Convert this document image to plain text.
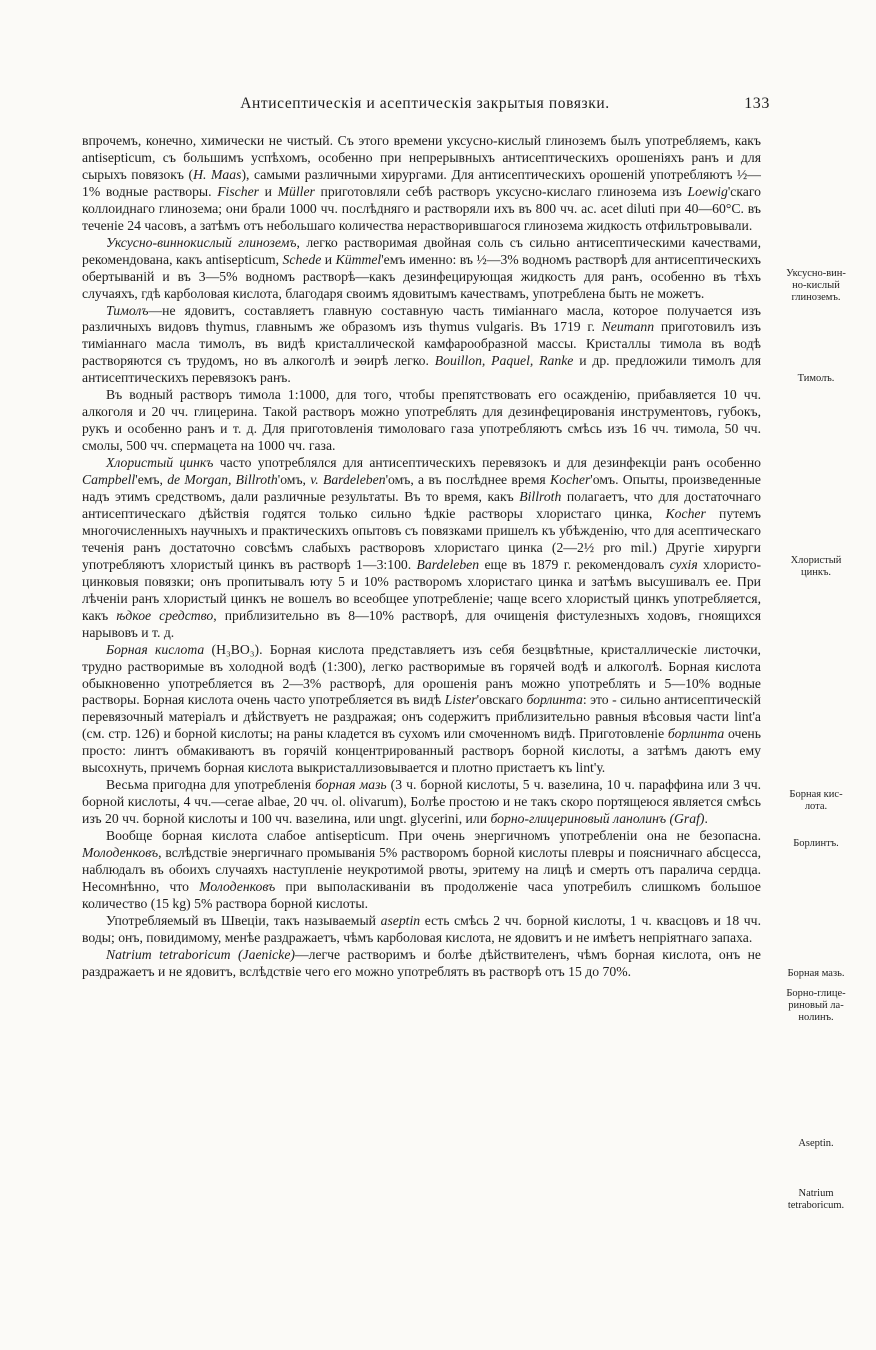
Антисептическія и асептическія закрытыя повязки.	133

впрочемъ, конечно, химически не чистый. Съ этого времени уксусно-кислый глиноземъ былъ употребляемъ, какъ antisepticum, съ большимъ успѣхомъ, особенно при непрерывныхъ антисептическихъ орошеніяхъ ранъ и для сырыхъ повязокъ (H. Maas), самыми различными хирургами. Для антисептическихъ орошеній употребляютъ ½—1% водные растворы. Fischer и Müller приготовляли себѣ растворъ уксусно-кислаго глинозема изъ Loewig'скаго коллоиднаго глинозема; они брали 1000 чч. послѣдняго и растворяли ихъ въ 800 чч. ac. acet diluti при 40—60°C. въ теченіе 24 часовъ, а затѣмъ отъ небольшаго количества нерастворившагося глинозема жидкость отфильтровывали.

Уксусно-виннокислый глиноземъ, легко растворимая двойная соль съ сильно антисептическими качествами, рекомендована, какъ antisepticum, Schede и Kümmel'емъ именно: въ ½—3% водномъ растворѣ для антисептическихъ обертываній и въ 3—5% водномъ растворѣ—какъ дезинфецирующая жидкость для ранъ, особенно въ тѣхъ случаяхъ, гдѣ карболовая кислота, благодаря своимъ ядовитымъ качествамъ, употреблена быть не можетъ.

Тимолъ—не ядовитъ, составляетъ главную составную часть тиміаннаго масла, которое получается изъ различныхъ видовъ thymus, главнымъ же образомъ изъ thymus vulgaris. Въ 1719 г. Neumann приготовилъ изъ тиміаннаго масла тимолъ, въ видѣ кристаллической камфарообразной массы. Кристаллы тимола въ водѣ растворяются съ трудомъ, но въ алкоголѣ и эѳирѣ легко. Bouillon, Paquel, Ranke и др. предложили тимолъ для антисептическихъ перевязокъ ранъ.

Въ водный растворъ тимола 1:1000, для того, чтобы препятствовать его осажденію, прибавляется 10 чч. алкоголя и 20 чч. глицерина. Такой растворъ можно употреблять для дезинфецированія инструментовъ, губокъ, рукъ и особенно ранъ и т. д. Для приготовленія тимоловаго газа употребляютъ смѣсь изъ 16 чч. тимола, 50 чч. смолы, 500 чч. спермацета на 1000 чч. газа.

Хлористый цинкъ часто употреблялся для антисептическихъ перевязокъ и для дезинфекціи ранъ особенно Campbell'емъ, de Morgan, Billroth'омъ, v. Bardeleben'омъ, а въ послѣднее время Kocher'омъ. Опыты, произведенные надъ этимъ средствомъ, дали различные результаты. Въ то время, какъ Billroth полагаетъ, что для достаточнаго антисептическаго дѣйствія годятся только сильно ѣдкіе растворы хлористаго цинка, Kocher путемъ многочисленныхъ научныхъ и практическихъ опытовъ съ повязками пришелъ къ убѣжденію, что для асептическаго теченія ранъ достаточно совсѣмъ слабыхъ растворовъ хлористаго цинка (2—2½ pro mil.) Другіе хирурги употребляютъ хлористый цинкъ въ растворѣ 1—3:100. Bardeleben еще въ 1879 г. рекомендовалъ сухія хлористо-цинковыя повязки; онъ пропитывалъ юту 5 и 10% растворомъ хлористаго цинка и затѣмъ высушивалъ ее. При лѣченіи ранъ хлористый цинкъ не вошелъ во всеобщее употребленіе; чаще всего хлористый цинкъ употребляется, какъ ѣдкое средство, приблизительно въ 8—10% растворѣ, для очищенія фистулезныхъ ходовъ, гноящихся нарывовъ и т. д.

Борная кислота (H₃BO₃). Борная кислота представляетъ изъ себя безцвѣтные, кристаллическіе листочки, трудно растворимые въ холодной водѣ (1:300), легко растворимые въ горячей водѣ и алкоголѣ. Борная кислота обыкновенно употребляется въ 2—3% растворѣ, для орошенія ранъ можно употреблять и 5—10% водные растворы. Борная кислота очень часто употребляется въ видѣ Lister'овскаго борлинта: это - сильно антисептическій перевязочный матеріалъ и дѣйствуетъ не раздражая; онъ содержитъ приблизительно равныя вѣсовыя части lint'a (см. стр. 126) и борной кислоты; на раны кладется въ сухомъ или смоченномъ видѣ. Приготовленіе борлинта очень просто: линтъ обмакиваютъ въ горячій концентрированный растворъ борной кислоты, а затѣмъ даютъ ему высохнуть, причемъ борная кислота выкристаллизовывается и плотно пристаетъ къ lint'у.

Весьма пригодна для употребленія борная мазь (3 ч. борной кислоты, 5 ч. вазелина, 10 ч. параффина или 3 чч. борной кислоты, 4 чч.—cerae albae, 20 чч. ol. olivarum), Болѣе простою и не такъ скоро портящеюся является смѣсь изъ 20 чч. борной кислоты и 100 чч. вазелина, или ungt. glycerini, или борно-глицериновый ланолинъ (Graf).

Вообще борная кислота слабое antisepticum. При очень энергичномъ употребленіи она не безопасна. Молоденковъ, вслѣдствіе энергичнаго промыванія 5% растворомъ борной кислоты плевры и поясничнаго абсцесса, наблюдалъ въ обоихъ случаяхъ наступленіе неукротимой рвоты, эритему на лицѣ и смерть отъ паралича сердца. Несомнѣнно, что Молоденковъ при выполаскиваніи въ продолженіе часа употребилъ слишкомъ большое количество (15 kg) 5% раствора борной кислоты.

Употребляемый въ Швеціи, такъ называемый aseptin есть смѣсь 2 чч. борной кислоты, 1 ч. квасцовъ и 18 чч. воды; онъ, повидимому, менѣе раздражаетъ, чѣмъ карболовая кислота, не ядовитъ и не имѣетъ непріятнаго запаха.

Natrium tetraboricum (Jaenicke)—легче растворимъ и болѣе дѣйствителенъ, чѣмъ борная кислота, онъ не раздражаетъ и не ядовитъ, вслѣдствіе чего его можно употреблять въ растворѣ отъ 15 до 70%.

Уксусно-вин-
но-кислый
глиноземъ.
Тимолъ.
Хлористый
цинкъ.
Борная кис-
лота.
Борлинтъ.
Борная мазь.
Борно-глице-
риновый ла-
нолинъ.
Aseptin.
Natrium
tetraboricum.
